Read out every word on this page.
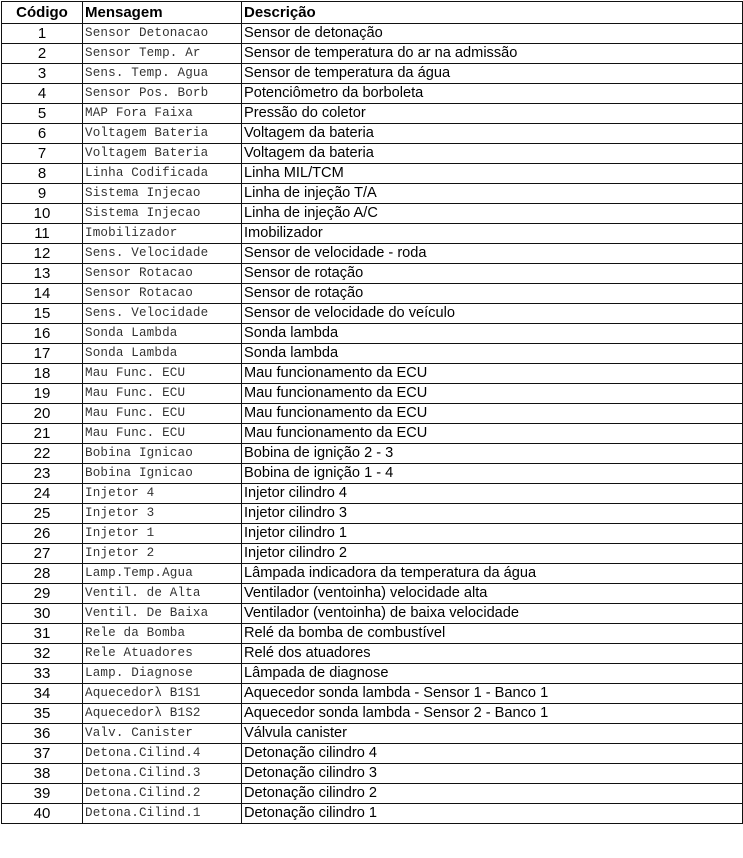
Código	Mensagem	Descrição
1	Sensor Detonacao	Sensor de detonação
2	Sensor Temp. Ar	Sensor de temperatura do ar na admissão
3	Sens. Temp. Agua	Sensor de temperatura da água
4	Sensor Pos. Borb	Potenciômetro da borboleta
5	MAP Fora Faixa	Pressão do coletor
6	Voltagem Bateria	Voltagem da bateria
7	Voltagem Bateria	Voltagem da bateria
8	Linha Codificada	Linha MIL/TCM
9	Sistema Injecao	Linha de injeção T/A
10	Sistema Injecao	Linha de injeção A/C
11	Imobilizador	Imobilizador
12	Sens. Velocidade	Sensor de velocidade - roda
13	Sensor Rotacao	Sensor de rotação
14	Sensor Rotacao	Sensor de rotação
15	Sens. Velocidade	Sensor de velocidade do veículo
16	Sonda Lambda	Sonda lambda
17	Sonda Lambda	Sonda lambda
18	Mau Func. ECU	Mau funcionamento da ECU
19	Mau Func. ECU	Mau funcionamento da ECU
20	Mau Func. ECU	Mau funcionamento da ECU
21	Mau Func. ECU	Mau funcionamento da ECU
22	Bobina Ignicao	Bobina de ignição 2 - 3
23	Bobina Ignicao	Bobina de ignição 1 - 4
24	Injetor 4	Injetor cilindro 4
25	Injetor 3	Injetor cilindro 3
26	Injetor 1	Injetor cilindro 1
27	Injetor 2	Injetor cilindro 2
28	Lamp.Temp.Agua	Lâmpada indicadora da temperatura da água
29	Ventil. de Alta	Ventilador (ventoinha) velocidade alta
30	Ventil. De Baixa	Ventilador (ventoinha) de baixa velocidade
31	Rele da Bomba	Relé da bomba de combustível
32	Rele Atuadores	Relé dos atuadores
33	Lamp. Diagnose	Lâmpada de diagnose
34	Aquecedorλ B1S1	Aquecedor sonda lambda - Sensor 1 - Banco 1
35	Aquecedorλ B1S2	Aquecedor sonda lambda - Sensor 2 - Banco 1
36	Valv. Canister	Válvula canister
37	Detona.Cilind.4	Detonação cilindro 4
38	Detona.Cilind.3	Detonação cilindro 3
39	Detona.Cilind.2	Detonação cilindro 2
40	Detona.Cilind.1	Detonação cilindro 1
